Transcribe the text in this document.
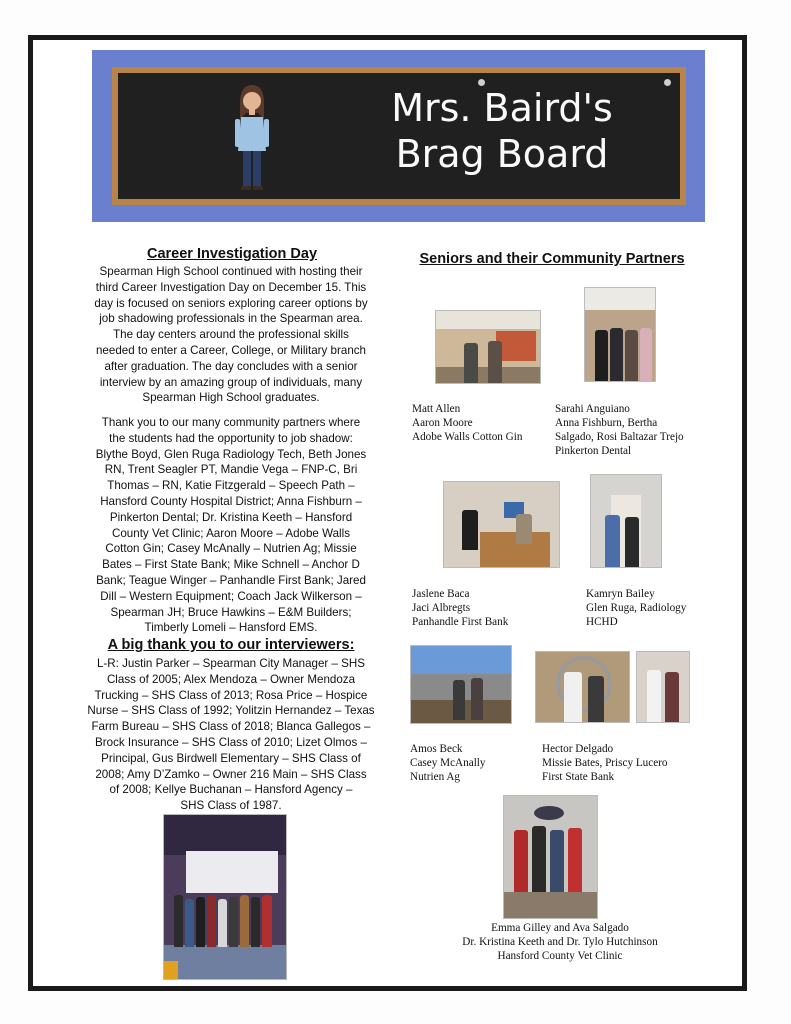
Mrs. Baird's
Brag Board
Career Investigation Day

Spearman High School continued with hosting their
third Career Investigation Day on December 15. This
day is focused on seniors exploring career options by
job shadowing professionals in the Spearman area.
The day centers around the professional skills
needed to enter a Career, College, or Military branch
after graduation. The day concludes with a senior
interview by an amazing group of individuals, many
Spearman High School graduates.

Thank you to our many community partners where
the students had the opportunity to job shadow:
Blythe Boyd, Glen Ruga Radiology Tech, Beth Jones
RN, Trent Seagler PT, Mandie Vega – FNP-C, Bri
Thomas – RN, Katie Fitzgerald – Speech Path –
Hansford County Hospital District; Anna Fishburn –
Pinkerton Dental; Dr. Kristina Keeth – Hansford
County Vet Clinic; Aaron Moore – Adobe Walls
Cotton Gin; Casey McAnally – Nutrien Ag; Missie
Bates – First State Bank; Mike Schnell – Anchor D
Bank; Teague Winger – Panhandle First Bank; Jared
Dill – Western Equipment; Coach Jack Wilkerson –
Spearman JH; Bruce Hawkins – E&M Builders;
Timberly Lomeli – Hansford EMS.

A big thank you to our interviewers:

L-R: Justin Parker – Spearman City Manager – SHS
Class of 2005; Alex Mendoza – Owner Mendoza
Trucking – SHS Class of 2013; Rosa Price – Hospice
Nurse – SHS Class of 1992; Yolitzin Hernandez – Texas
Farm Bureau – SHS Class of 2018; Blanca Gallegos –
Brock Insurance – SHS Class of 2010; Lizet Olmos –
Principal, Gus Birdwell Elementary – SHS Class of
2008; Amy D’Zamko – Owner 216 Main – SHS Class
of 2008; Kellye Buchanan – Hansford Agency –
SHS Class of 1987.

Seniors and their Community Partners

Matt Allen
Aaron Moore
Adobe Walls Cotton Gin

Sarahi Anguiano
Anna Fishburn, Bertha
Salgado, Rosi Baltazar Trejo
Pinkerton Dental

Jaslene Baca
Jaci Albregts
Panhandle First Bank

Kamryn Bailey
Glen Ruga, Radiology
HCHD

Amos Beck
Casey McAnally
Nutrien Ag

Hector Delgado
Missie Bates, Priscy Lucero
First State Bank

Emma Gilley and Ava Salgado
Dr. Kristina Keeth and Dr. Tylo Hutchinson
Hansford County Vet Clinic
